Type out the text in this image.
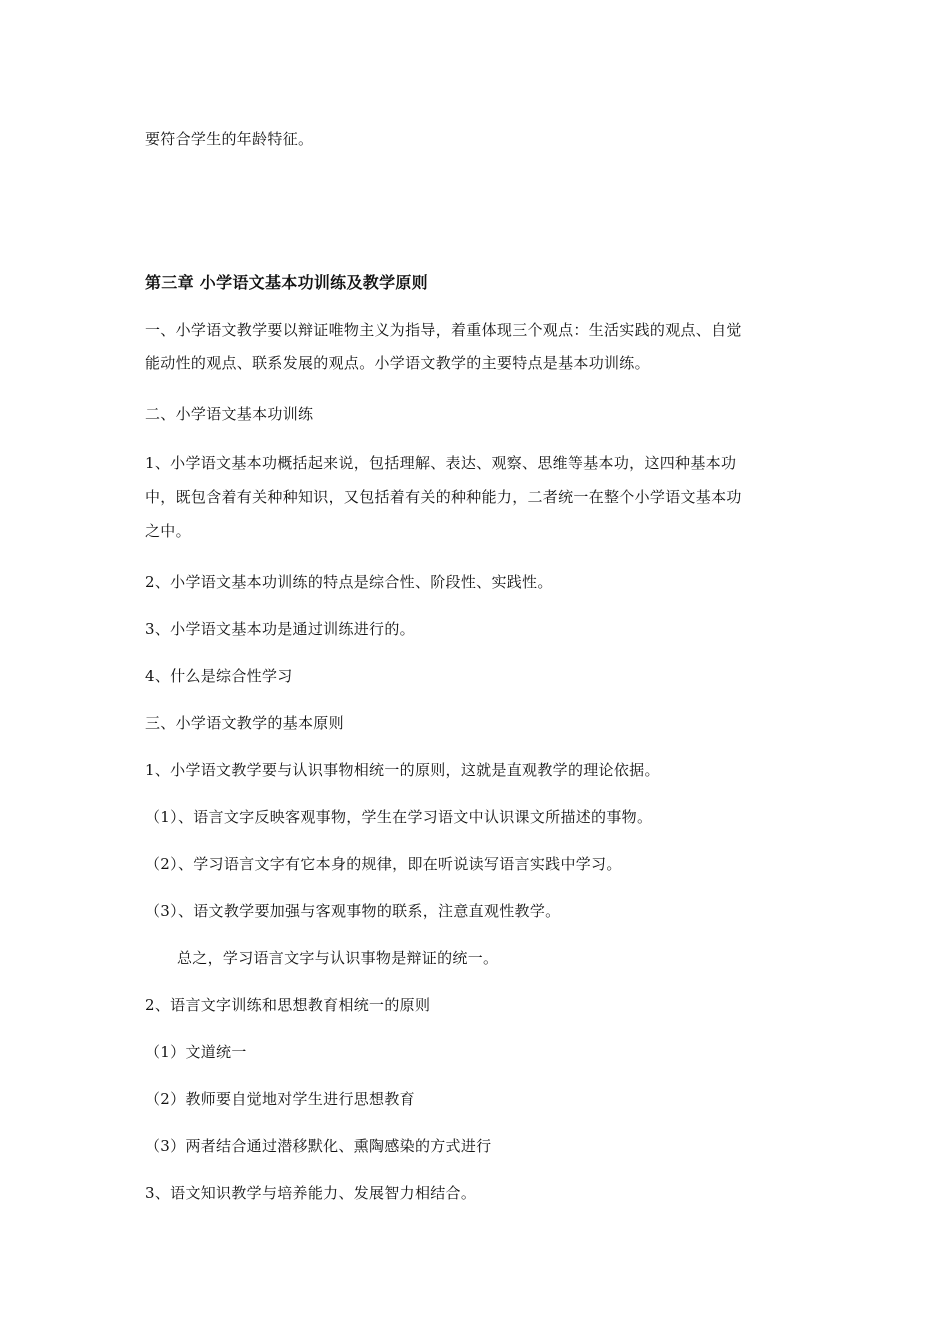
要符合学生的年龄特征。
第三章 小学语文基本功训练及教学原则
一、小学语文教学要以辩证唯物主义为指导，着重体现三个观点：生活实践的观点、自觉
能动性的观点、联系发展的观点。小学语文教学的主要特点是基本功训练。
二、小学语文基本功训练
1、小学语文基本功概括起来说，包括理解、表达、观察、思维等基本功，这四种基本功
中，既包含着有关种种知识，又包括着有关的种种能力，二者统一在整个小学语文基本功
之中。
2、小学语文基本功训练的特点是综合性、阶段性、实践性。
3、小学语文基本功是通过训练进行的。
4、什么是综合性学习
三、小学语文教学的基本原则
1、小学语文教学要与认识事物相统一的原则，这就是直观教学的理论依据。
（1）、语言文字反映客观事物，学生在学习语文中认识课文所描述的事物。
（2）、学习语言文字有它本身的规律，即在听说读写语言实践中学习。
（3）、语文教学要加强与客观事物的联系，注意直观性教学。
总之，学习语言文字与认识事物是辩证的统一。
2、语言文字训练和思想教育相统一的原则
（1）文道统一
（2）教师要自觉地对学生进行思想教育
（3）两者结合通过潜移默化、熏陶感染的方式进行
3、语文知识教学与培养能力、发展智力相结合。
